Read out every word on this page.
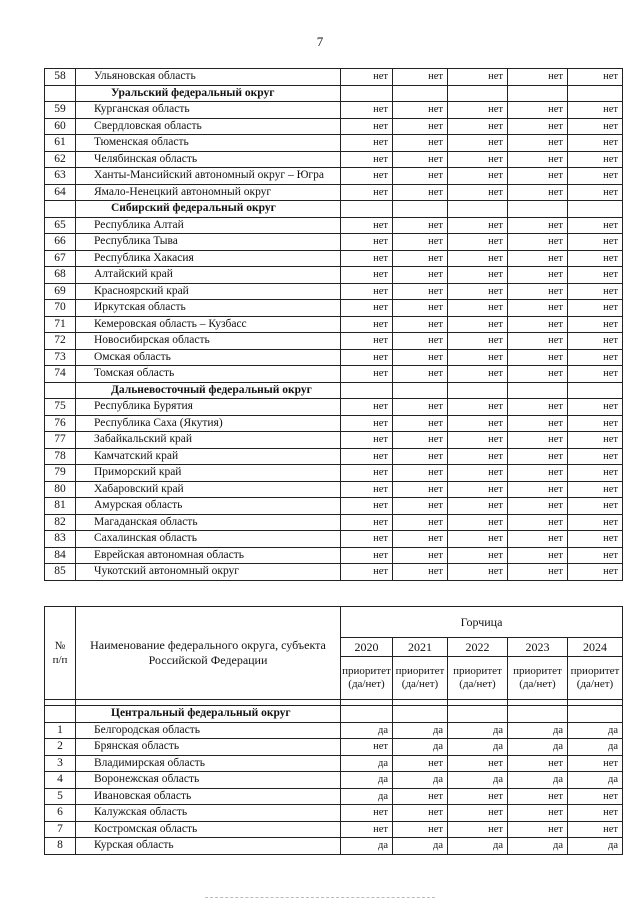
7
58	Ульяновская область	нет	нет	нет	нет	нет
	Уральский федеральный округ					
59	Курганская область	нет	нет	нет	нет	нет
60	Свердловская область	нет	нет	нет	нет	нет
61	Тюменская область	нет	нет	нет	нет	нет
62	Челябинская область	нет	нет	нет	нет	нет
63	Ханты-Мансийский автономный округ – Югра	нет	нет	нет	нет	нет
64	Ямало-Ненецкий автономный округ	нет	нет	нет	нет	нет
	Сибирский федеральный округ					
65	Республика Алтай	нет	нет	нет	нет	нет
66	Республика Тыва	нет	нет	нет	нет	нет
67	Республика Хакасия	нет	нет	нет	нет	нет
68	Алтайский край	нет	нет	нет	нет	нет
69	Красноярский край	нет	нет	нет	нет	нет
70	Иркутская область	нет	нет	нет	нет	нет
71	Кемеровская область – Кузбасс	нет	нет	нет	нет	нет
72	Новосибирская область	нет	нет	нет	нет	нет
73	Омская область	нет	нет	нет	нет	нет
74	Томская область	нет	нет	нет	нет	нет
	Дальневосточный федеральный округ					
75	Республика Бурятия	нет	нет	нет	нет	нет
76	Республика Саха (Якутия)	нет	нет	нет	нет	нет
77	Забайкальский край	нет	нет	нет	нет	нет
78	Камчатский край	нет	нет	нет	нет	нет
79	Приморский край	нет	нет	нет	нет	нет
80	Хабаровский край	нет	нет	нет	нет	нет
81	Амурская область	нет	нет	нет	нет	нет
82	Магаданская область	нет	нет	нет	нет	нет
83	Сахалинская область	нет	нет	нет	нет	нет
84	Еврейская автономная область	нет	нет	нет	нет	нет
85	Чукотский автономный округ	нет	нет	нет	нет	нет
№ п/п	Наименование федерального округа, субъекта Российской Федерации	Горчица				
		2020	2021	2022	2023	2024
		приоритет (да/нет)	приоритет (да/нет)	приоритет (да/нет)	приоритет (да/нет)	приоритет (да/нет)

	Центральный федеральный округ					
1	Белгородская область	да	да	да	да	да
2	Брянская область	нет	да	да	да	да
3	Владимирская область	да	нет	нет	нет	нет
4	Воронежская область	да	да	да	да	да
5	Ивановская область	да	нет	нет	нет	нет
6	Калужская область	нет	нет	нет	нет	нет
7	Костромская область	нет	нет	нет	нет	нет
8	Курская область	да	да	да	да	да
